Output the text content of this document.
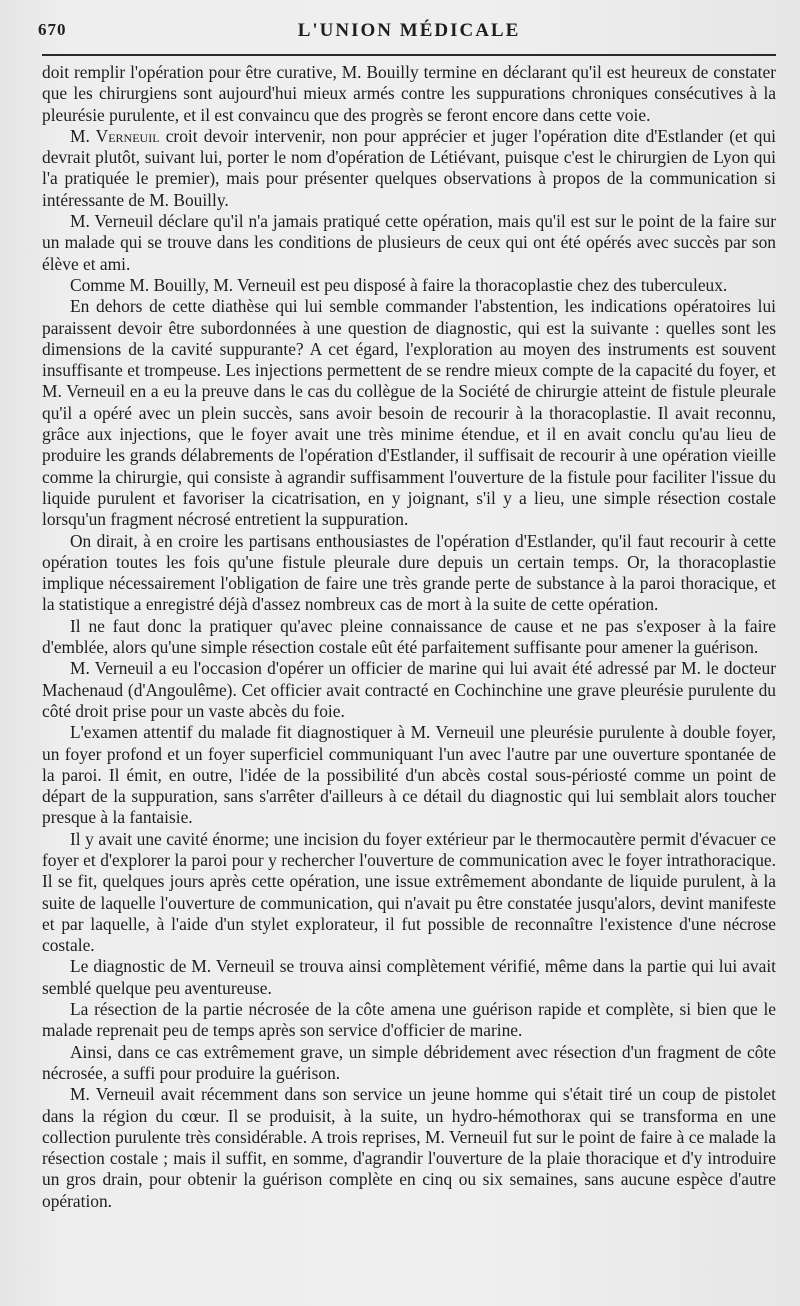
670	L'UNION MÉDICALE

doit remplir l'opération pour être curative, M. Bouilly termine en déclarant qu'il est heureux de constater que les chirurgiens sont aujourd'hui mieux armés contre les suppurations chroniques consécutives à la pleurésie purulente, et il est convaincu que des progrès se feront encore dans cette voie.

M. Verneuil croit devoir intervenir, non pour apprécier et juger l'opération dite d'Estlander (et qui devrait plutôt, suivant lui, porter le nom d'opération de Létiévant, puisque c'est le chirurgien de Lyon qui l'a pratiquée le premier), mais pour présenter quelques observations à propos de la communication si intéressante de M. Bouilly.

M. Verneuil déclare qu'il n'a jamais pratiqué cette opération, mais qu'il est sur le point de la faire sur un malade qui se trouve dans les conditions de plusieurs de ceux qui ont été opérés avec succès par son élève et ami.

Comme M. Bouilly, M. Verneuil est peu disposé à faire la thoracoplastie chez des tuberculeux.

En dehors de cette diathèse qui lui semble commander l'abstention, les indications opératoires lui paraissent devoir être subordonnées à une question de diagnostic, qui est la suivante : quelles sont les dimensions de la cavité suppurante? A cet égard, l'exploration au moyen des instruments est souvent insuffisante et trompeuse. Les injections permettent de se rendre mieux compte de la capacité du foyer, et M. Verneuil en a eu la preuve dans le cas du collègue de la Société de chirurgie atteint de fistule pleurale qu'il a opéré avec un plein succès, sans avoir besoin de recourir à la thoracoplastie. Il avait reconnu, grâce aux injections, que le foyer avait une très minime étendue, et il en avait conclu qu'au lieu de produire les grands délabrements de l'opération d'Estlander, il suffisait de recourir à une opération vieille comme la chirurgie, qui consiste à agrandir suffisamment l'ouverture de la fistule pour faciliter l'issue du liquide purulent et favoriser la cicatrisation, en y joignant, s'il y a lieu, une simple résection costale lorsqu'un fragment nécrosé entretient la suppuration.

On dirait, à en croire les partisans enthousiastes de l'opération d'Estlander, qu'il faut recourir à cette opération toutes les fois qu'une fistule pleurale dure depuis un certain temps. Or, la thoracoplastie implique nécessairement l'obligation de faire une très grande perte de substance à la paroi thoracique, et la statistique a enregistré déjà d'assez nombreux cas de mort à la suite de cette opération.

Il ne faut donc la pratiquer qu'avec pleine connaissance de cause et ne pas s'exposer à la faire d'emblée, alors qu'une simple résection costale eût été parfaitement suffisante pour amener la guérison.

M. Verneuil a eu l'occasion d'opérer un officier de marine qui lui avait été adressé par M. le docteur Machenaud (d'Angoulême). Cet officier avait contracté en Cochinchine une grave pleurésie purulente du côté droit prise pour un vaste abcès du foie.

L'examen attentif du malade fit diagnostiquer à M. Verneuil une pleurésie purulente à double foyer, un foyer profond et un foyer superficiel communiquant l'un avec l'autre par une ouverture spontanée de la paroi. Il émit, en outre, l'idée de la possibilité d'un abcès costal sous-périosté comme un point de départ de la suppuration, sans s'arrêter d'ailleurs à ce détail du diagnostic qui lui semblait alors toucher presque à la fantaisie.

Il y avait une cavité énorme; une incision du foyer extérieur par le thermocautère permit d'évacuer ce foyer et d'explorer la paroi pour y rechercher l'ouverture de communication avec le foyer intrathoracique. Il se fit, quelques jours après cette opération, une issue extrêmement abondante de liquide purulent, à la suite de laquelle l'ouverture de communication, qui n'avait pu être constatée jusqu'alors, devint manifeste et par laquelle, à l'aide d'un stylet explorateur, il fut possible de reconnaître l'existence d'une nécrose costale.

Le diagnostic de M. Verneuil se trouva ainsi complètement vérifié, même dans la partie qui lui avait semblé quelque peu aventureuse.

La résection de la partie nécrosée de la côte amena une guérison rapide et complète, si bien que le malade reprenait peu de temps après son service d'officier de marine.

Ainsi, dans ce cas extrêmement grave, un simple débridement avec résection d'un fragment de côte nécrosée, a suffi pour produire la guérison.

M. Verneuil avait récemment dans son service un jeune homme qui s'était tiré un coup de pistolet dans la région du cœur. Il se produisit, à la suite, un hydro-hémothorax qui se transforma en une collection purulente très considérable. A trois reprises, M. Verneuil fut sur le point de faire à ce malade la résection costale ; mais il suffit, en somme, d'agrandir l'ouverture de la plaie thoracique et d'y introduire un gros drain, pour obtenir la guérison complète en cinq ou six semaines, sans aucune espèce d'autre opération.
